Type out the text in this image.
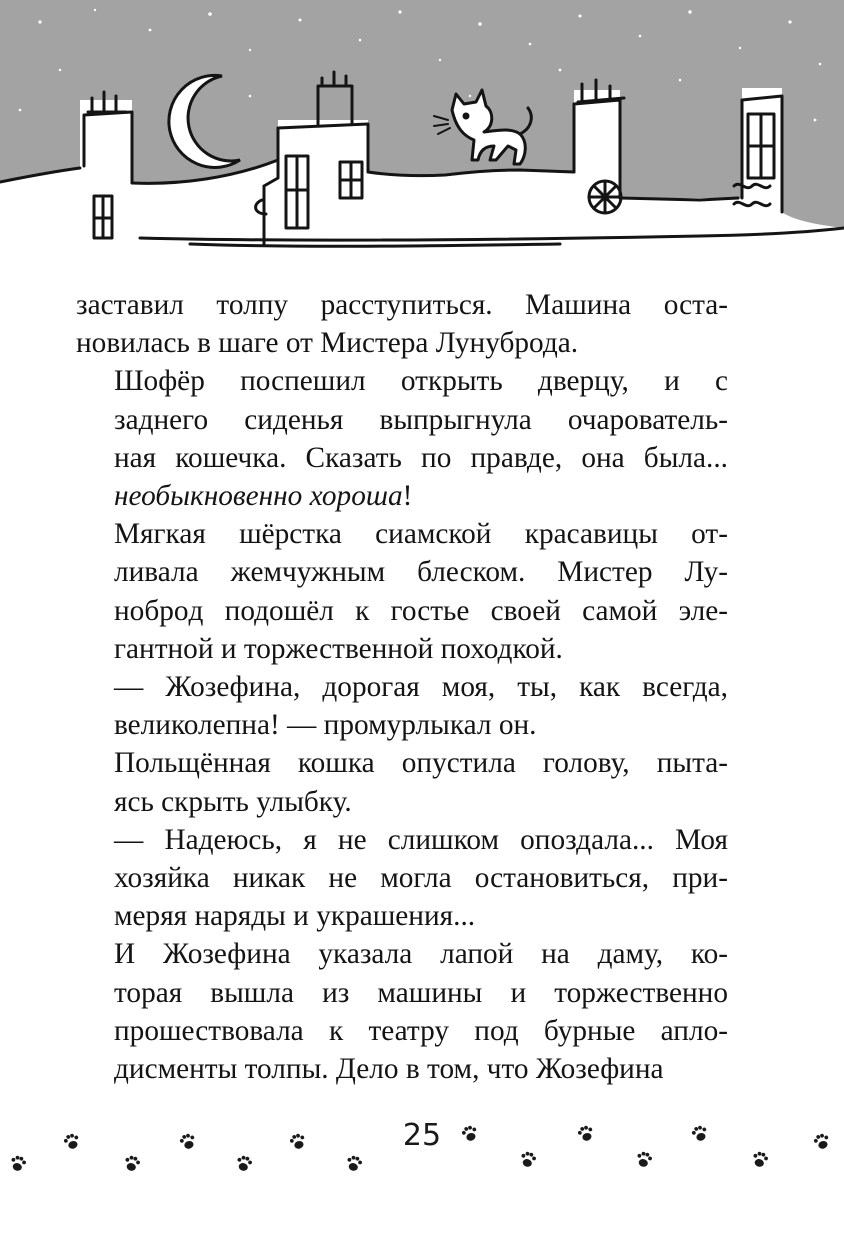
заставил толпу расступиться. Машина оста-
новилась в шаге от Мистера Лунуброда.

Шофёр поспешил открыть дверцу, и с
заднего сиденья выпрыгнула очарователь-
ная кошечка. Сказать по правде, она была...
необыкновенно хороша!

Мягкая шёрстка сиамской красавицы от-
ливала жемчужным блеском. Мистер Лу-
нобрoд подошёл к гостье своей самой эле-
гантной и торжественной походкой.

— Жозефина, дорогая моя, ты, как всегда,
великолепна! — промурлыкал он.

Польщённая кошка опустила голову, пыта-
ясь скрыть улыбку.

— Надеюсь, я не слишком опоздала... Моя
хозяйка никак не могла остановиться, при-
меряя наряды и украшения...

И Жозефина указала лапой на даму, ко-
торая вышла из машины и торжественно
прошествовала к театру под бурные апло-
дисменты толпы. Дело в том, что Жозефина

25
